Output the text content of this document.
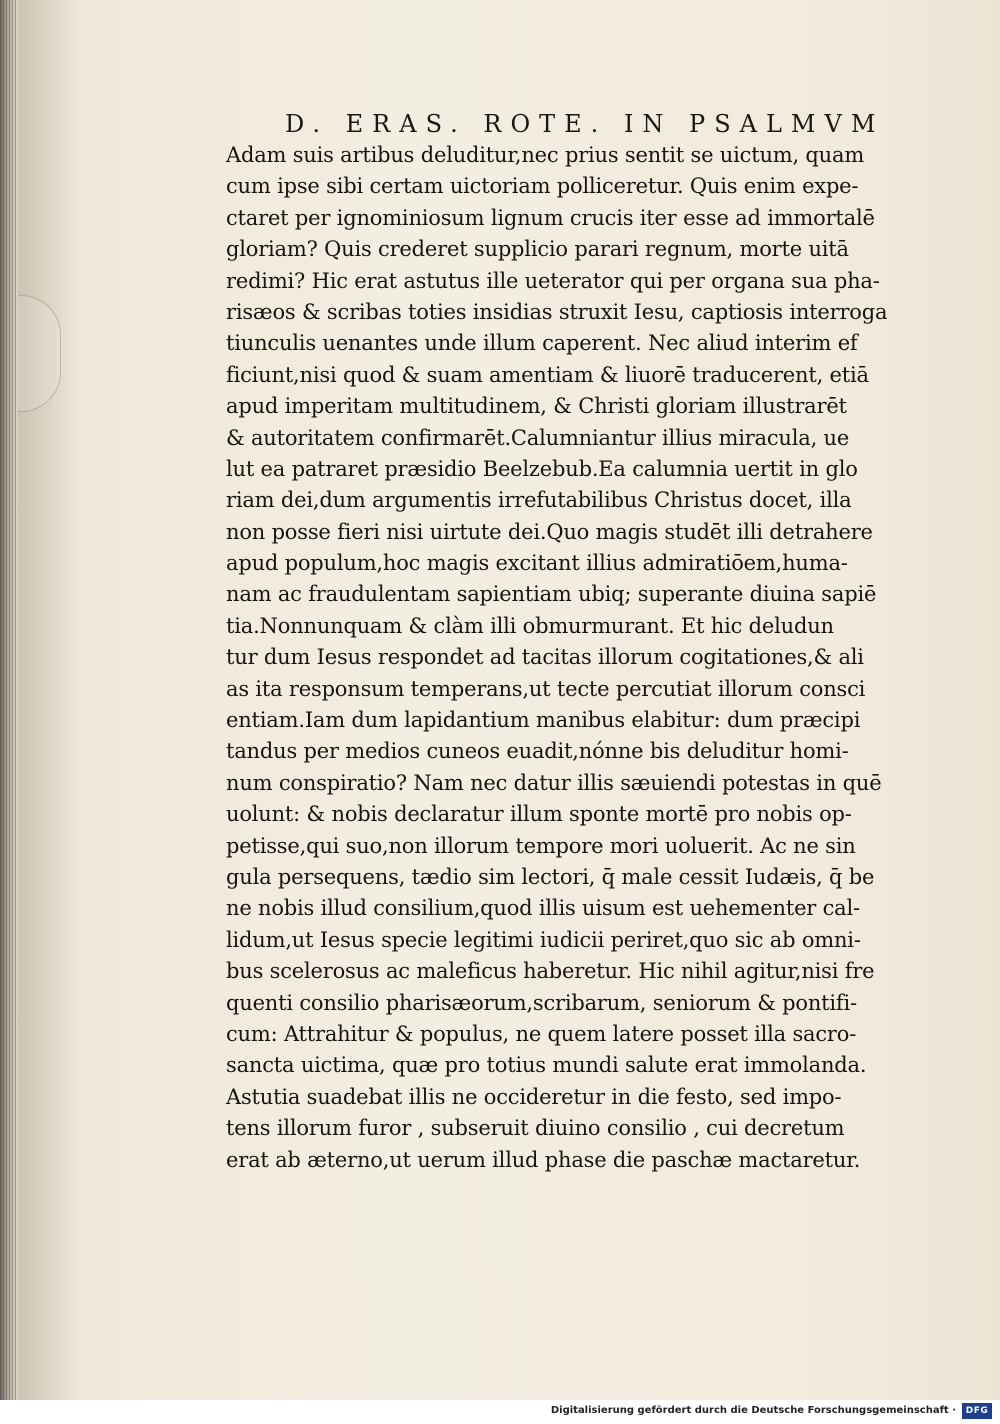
D. ERAS. ROTE. IN PSALMVM
Adam suis artibus deluditur,nec prius sentit se uictum, quam
cum ipse sibi certam uictoriam polliceretur. Quis enim expe-
ctaret per ignominiosum lignum crucis iter esse ad immortalē
gloriam? Quis crederet supplicio parari regnum, morte uitā
redimi? Hic erat astutus ille ueterator qui per organa sua pha-
risæos & scribas toties insidias struxit Iesu, captiosis interroga
tiunculis uenantes unde illum caperent. Nec aliud interim ef
ficiunt,nisi quod & suam amentiam & liuorē traducerent, etiā
apud imperitam multitudinem, & Christi gloriam illustrarēt
& autoritatem confirmarēt.Calumniantur illius miracula, ue
lut ea patraret præsidio Beelzebub.Ea calumnia uertit in glo
riam dei,dum argumentis irrefutabilibus Christus docet, illa
non posse fieri nisi uirtute dei.Quo magis studēt illi detrahere
apud populum,hoc magis excitant illius admiratiōem,huma-
nam ac fraudulentam sapientiam ubiq; superante diuina sapiē
tia.Nonnunquam & clàm illi obmurmurant. Et hic deludun
tur dum Iesus respondet ad tacitas illorum cogitationes,& ali
as ita responsum temperans,ut tecte percutiat illorum consci
entiam.Iam dum lapidantium manibus elabitur: dum præcipi
tandus per medios cuneos euadit,nónne bis deluditur homi-
num conspiratio? Nam nec datur illis sæuiendi potestas in quē
uolunt: & nobis declaratur illum sponte mortē pro nobis op-
petisse,qui suo,non illorum tempore mori uoluerit. Ac ne sin
gula persequens, tædio sim lectori, q̄ male cessit Iudæis, q̄ be
ne nobis illud consilium,quod illis uisum est uehementer cal-
lidum,ut Iesus specie legitimi iudicii periret,quo sic ab omni-
bus scelerosus ac maleficus haberetur. Hic nihil agitur,nisi fre
quenti consilio pharisæorum,scribarum, seniorum & pontifi-
cum: Attrahitur & populus, ne quem latere posset illa sacro-
sancta uictima, quæ pro totius mundi salute erat immolanda.
Astutia suadebat illis ne occideretur in die festo, sed impo-
tens illorum furor , subseruit diuino consilio , cui decretum
erat ab æterno,ut uerum illud phase die paschæ mactaretur.
Digitalisierung gefördert durch die Deutsche Forschungsgemeinschaft ·	DFG
